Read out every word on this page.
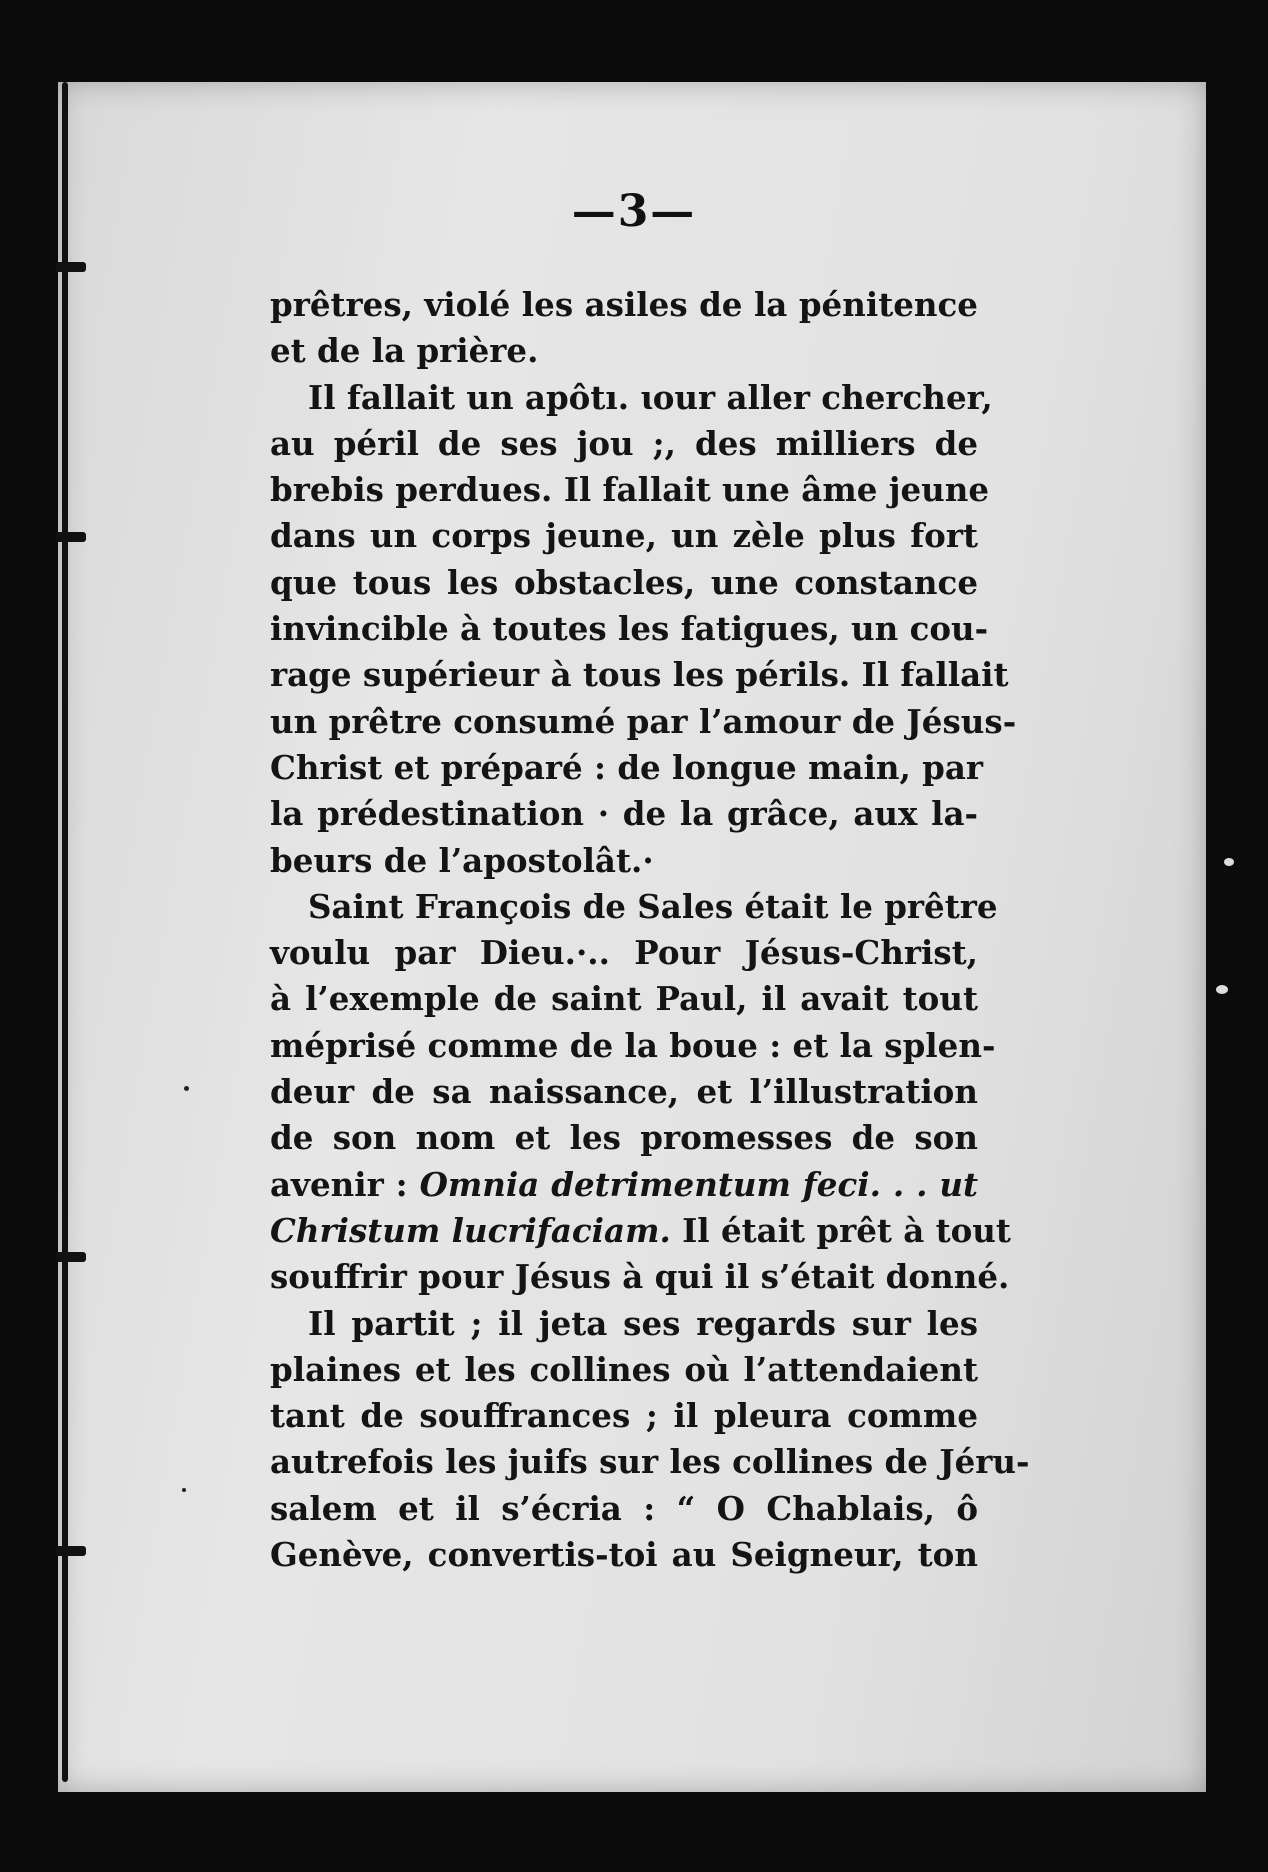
—3—

prêtres, violé les asiles de la pénitence

et de la prière.

Il fallait un apôtı. ɩour aller chercher,

au péril de ses jou ;, des milliers de

brebis perdues. Il fallait une âme jeune

dans un corps jeune, un zèle plus fort

que tous les obstacles, une constance

invincible à toutes les fatigues, un cou-

rage supérieur à tous les périls. Il fallait

un prêtre consumé par l’amour de Jésus-

Christ et préparé : de longue main, par

la prédestination · de la grâce, aux la-

beurs de l’apostolât.·

Saint François de Sales était le prêtre

voulu par Dieu.·.. Pour Jésus-Christ,

à l’exemple de saint Paul, il avait tout

méprisé comme de la boue : et la splen-

deur de sa naissance, et l’illustration

de son nom et les promesses de son

avenir : Omnia detrimentum feci. . . ut

Christum lucrifaciam. Il était prêt à tout

souffrir pour Jésus à qui il s’était donné.

Il partit ; il jeta ses regards sur les

plaines et les collines où l’attendaient

tant de souffrances ; il pleura comme

autrefois les juifs sur les collines de Jéru-

salem et il s’écria : “ O Chablais, ô

Genève, convertis-toi au Seigneur, ton
